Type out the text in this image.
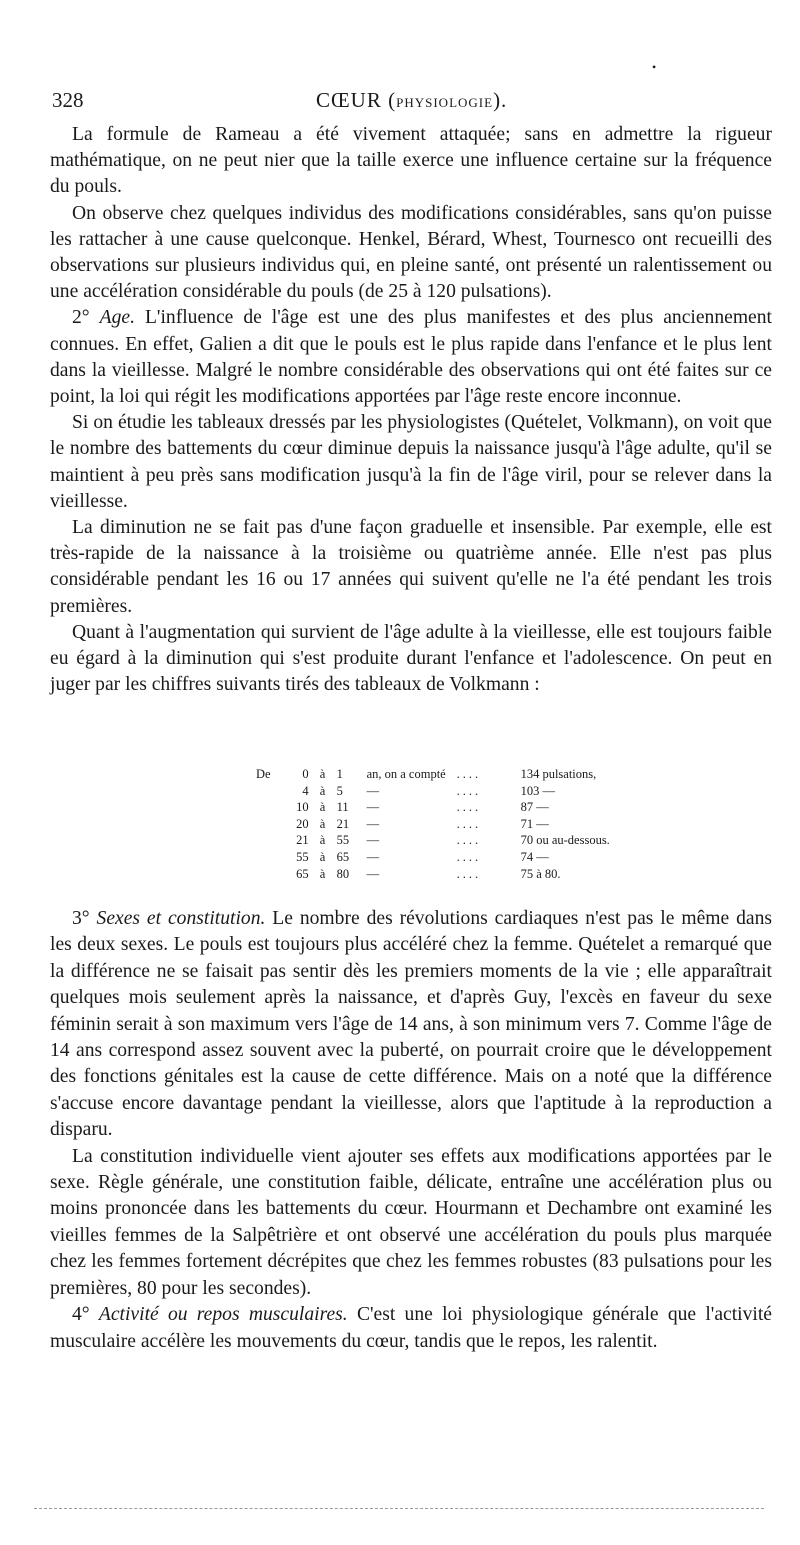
328	CŒUR (PHYSIOLOGIE).
•

La formule de Rameau a été vivement attaquée; sans en admettre la rigueur mathématique, on ne peut nier que la taille exerce une influence certaine sur la fréquence du pouls.

On observe chez quelques individus des modifications considérables, sans qu'on puisse les rattacher à une cause quelconque. Henkel, Bérard, Whest, Tournesco ont recueilli des observations sur plusieurs individus qui, en pleine santé, ont présenté un ralentissement ou une accélération considérable du pouls (de 25 à 120 pulsations).

2° Age. L'influence de l'âge est une des plus manifestes et des plus anciennement connues. En effet, Galien a dit que le pouls est le plus rapide dans l'enfance et le plus lent dans la vieillesse. Malgré le nombre considérable des observations qui ont été faites sur ce point, la loi qui régit les modifications apportées par l'âge reste encore inconnue.

Si on étudie les tableaux dressés par les physiologistes (Quételet, Volkmann), on voit que le nombre des battements du cœur diminue depuis la naissance jusqu'à l'âge adulte, qu'il se maintient à peu près sans modification jusqu'à la fin de l'âge viril, pour se relever dans la vieillesse.

La diminution ne se fait pas d'une façon graduelle et insensible. Par exemple, elle est très-rapide de la naissance à la troisième ou quatrième année. Elle n'est pas plus considérable pendant les 16 ou 17 années qui suivent qu'elle ne l'a été pendant les trois premières.

Quant à l'augmentation qui survient de l'âge adulte à la vieillesse, elle est toujours faible eu égard à la diminution qui s'est produite durant l'enfance et l'adolescence. On peut en juger par les chiffres suivants tirés des tableaux de Volkmann :

De	0	à	1	an, on a compté	....	134 pulsations,
	4	à	5	—	....	103 —
	10	à	11	—	....	87 —
	20	à	21	—	....	71 —
	21	à	55	—	....	70 ou au-dessous.
	55	à	65	—	....	74 —
	65	à	80	—	....	75 à 80.

3° Sexes et constitution. Le nombre des révolutions cardiaques n'est pas le même dans les deux sexes. Le pouls est toujours plus accéléré chez la femme. Quételet a remarqué que la différence ne se faisait pas sentir dès les premiers moments de la vie ; elle apparaîtrait quelques mois seulement après la naissance, et d'après Guy, l'excès en faveur du sexe féminin serait à son maximum vers l'âge de 14 ans, à son minimum vers 7. Comme l'âge de 14 ans correspond assez souvent avec la puberté, on pourrait croire que le développement des fonctions génitales est la cause de cette différence. Mais on a noté que la différence s'accuse encore davantage pendant la vieillesse, alors que l'aptitude à la reproduction a disparu.

La constitution individuelle vient ajouter ses effets aux modifications apportées par le sexe. Règle générale, une constitution faible, délicate, entraîne une accélération plus ou moins prononcée dans les battements du cœur. Hourmann et Dechambre ont examiné les vieilles femmes de la Salpêtrière et ont observé une accélération du pouls plus marquée chez les femmes fortement décrépites que chez les femmes robustes (83 pulsations pour les premières, 80 pour les secondes).

4° Activité ou repos musculaires. C'est une loi physiologique générale que l'activité musculaire accélère les mouvements du cœur, tandis que le repos, les ralentit.
